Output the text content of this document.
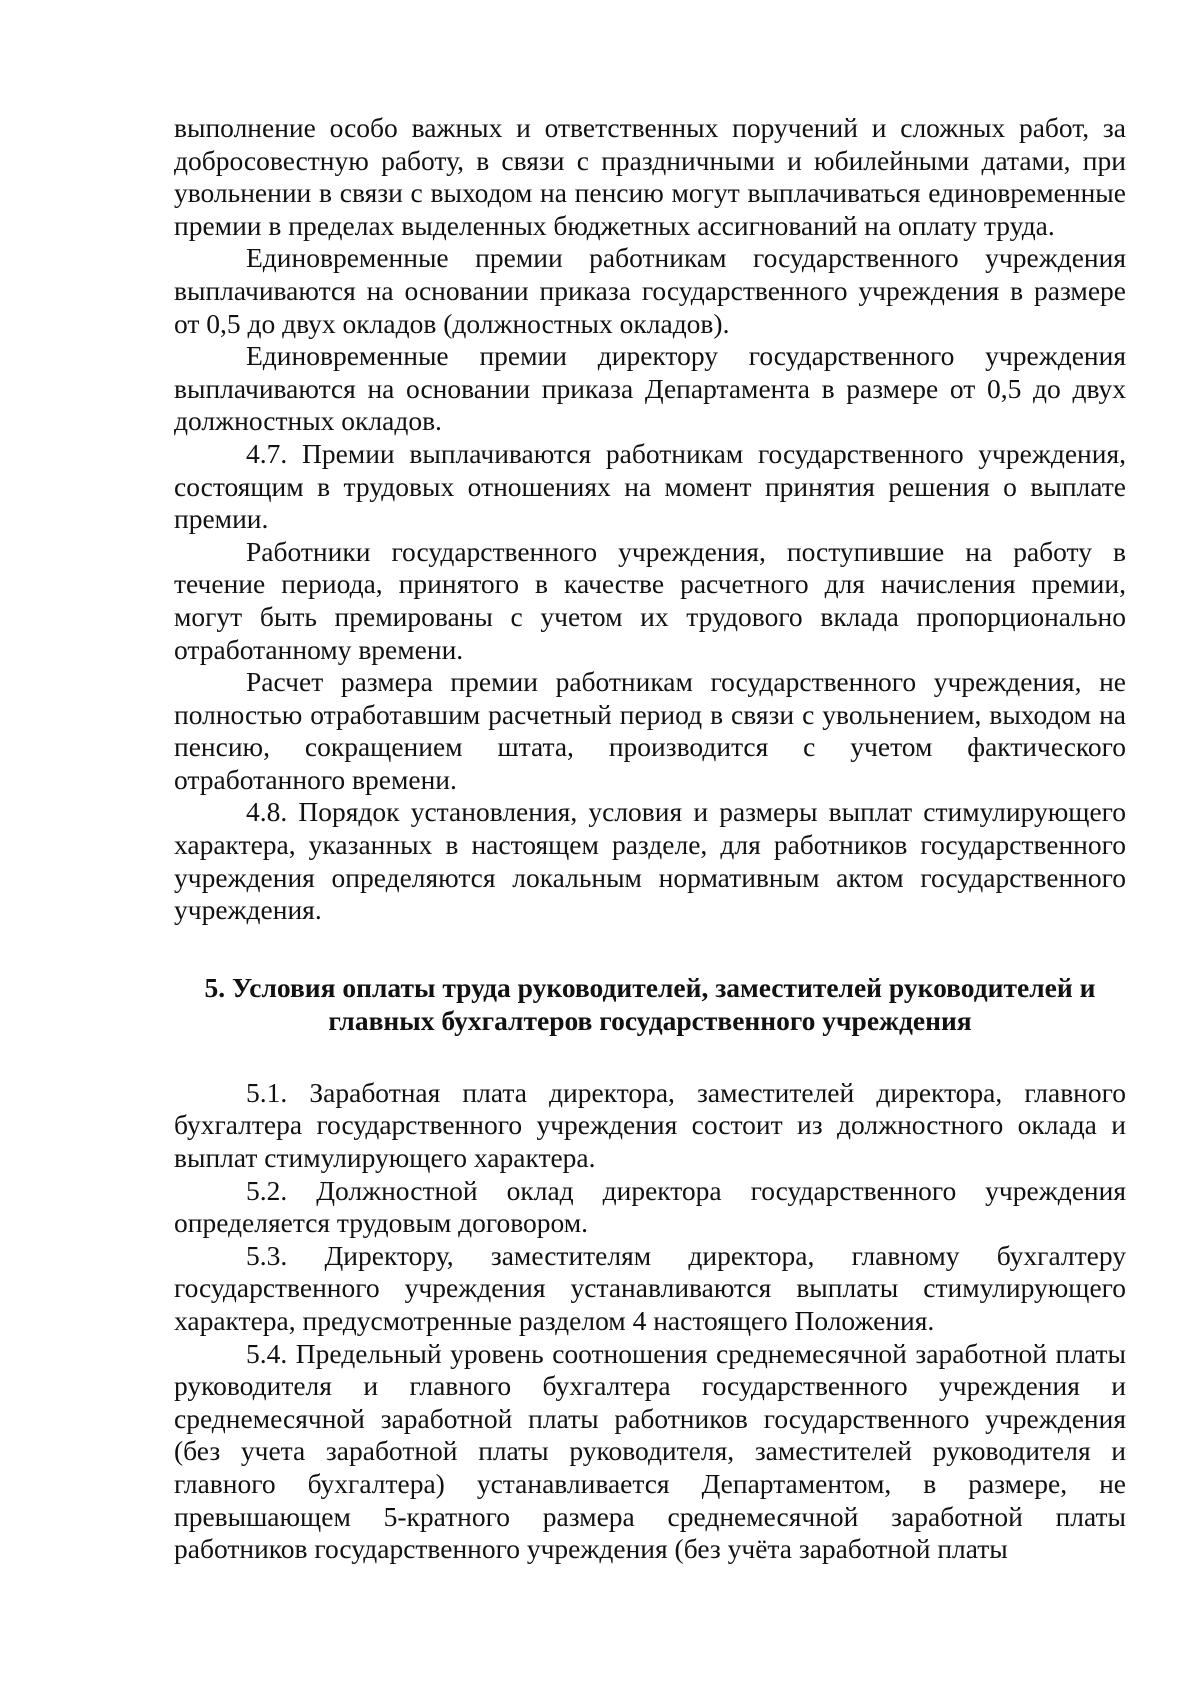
выполнение особо важных и ответственных поручений и сложных работ, за добросовестную работу, в связи с праздничными и юбилейными датами, при увольнении в связи с выходом на пенсию могут выплачиваться единовременные премии в пределах выделенных бюджетных ассигнований на оплату труда.

Единовременные премии работникам государственного учреждения выплачиваются на основании приказа государственного учреждения в размере от 0,5 до двух окладов (должностных окладов).

Единовременные премии директору государственного учреждения выплачиваются на основании приказа Департамента в размере от 0,5 до двух должностных окладов.

4.7. Премии выплачиваются работникам государственного учреждения, состоящим в трудовых отношениях на момент принятия решения о выплате премии.

Работники государственного учреждения, поступившие на работу в течение периода, принятого в качестве расчетного для начисления премии, могут быть премированы с учетом их трудового вклада пропорционально отработанному времени.

Расчет размера премии работникам государственного учреждения, не полностью отработавшим расчетный период в связи с увольнением, выходом на пенсию, сокращением штата, производится с учетом фактического отработанного времени.

4.8. Порядок установления, условия и размеры выплат стимулирующего характера, указанных в настоящем разделе, для работников государственного учреждения определяются локальным нормативным актом государственного учреждения.

5. Условия оплаты труда руководителей, заместителей руководителей и
главных бухгалтеров государственного учреждения

5.1. Заработная плата директора, заместителей директора, главного бухгалтера государственного учреждения состоит из должностного оклада и выплат стимулирующего характера.

5.2. Должностной оклад директора государственного учреждения определяется трудовым договором.

5.3. Директору, заместителям директора, главному бухгалтеру государственного учреждения устанавливаются выплаты стимулирующего характера, предусмотренные разделом 4 настоящего Положения.

5.4. Предельный уровень соотношения среднемесячной заработной платы руководителя и главного бухгалтера государственного учреждения и среднемесячной заработной платы работников государственного учреждения (без учета заработной платы руководителя, заместителей руководителя и главного бухгалтера) устанавливается Департаментом, в размере, не превышающем 5-кратного размера среднемесячной заработной платы работников государственного учреждения (без учёта заработной платы
